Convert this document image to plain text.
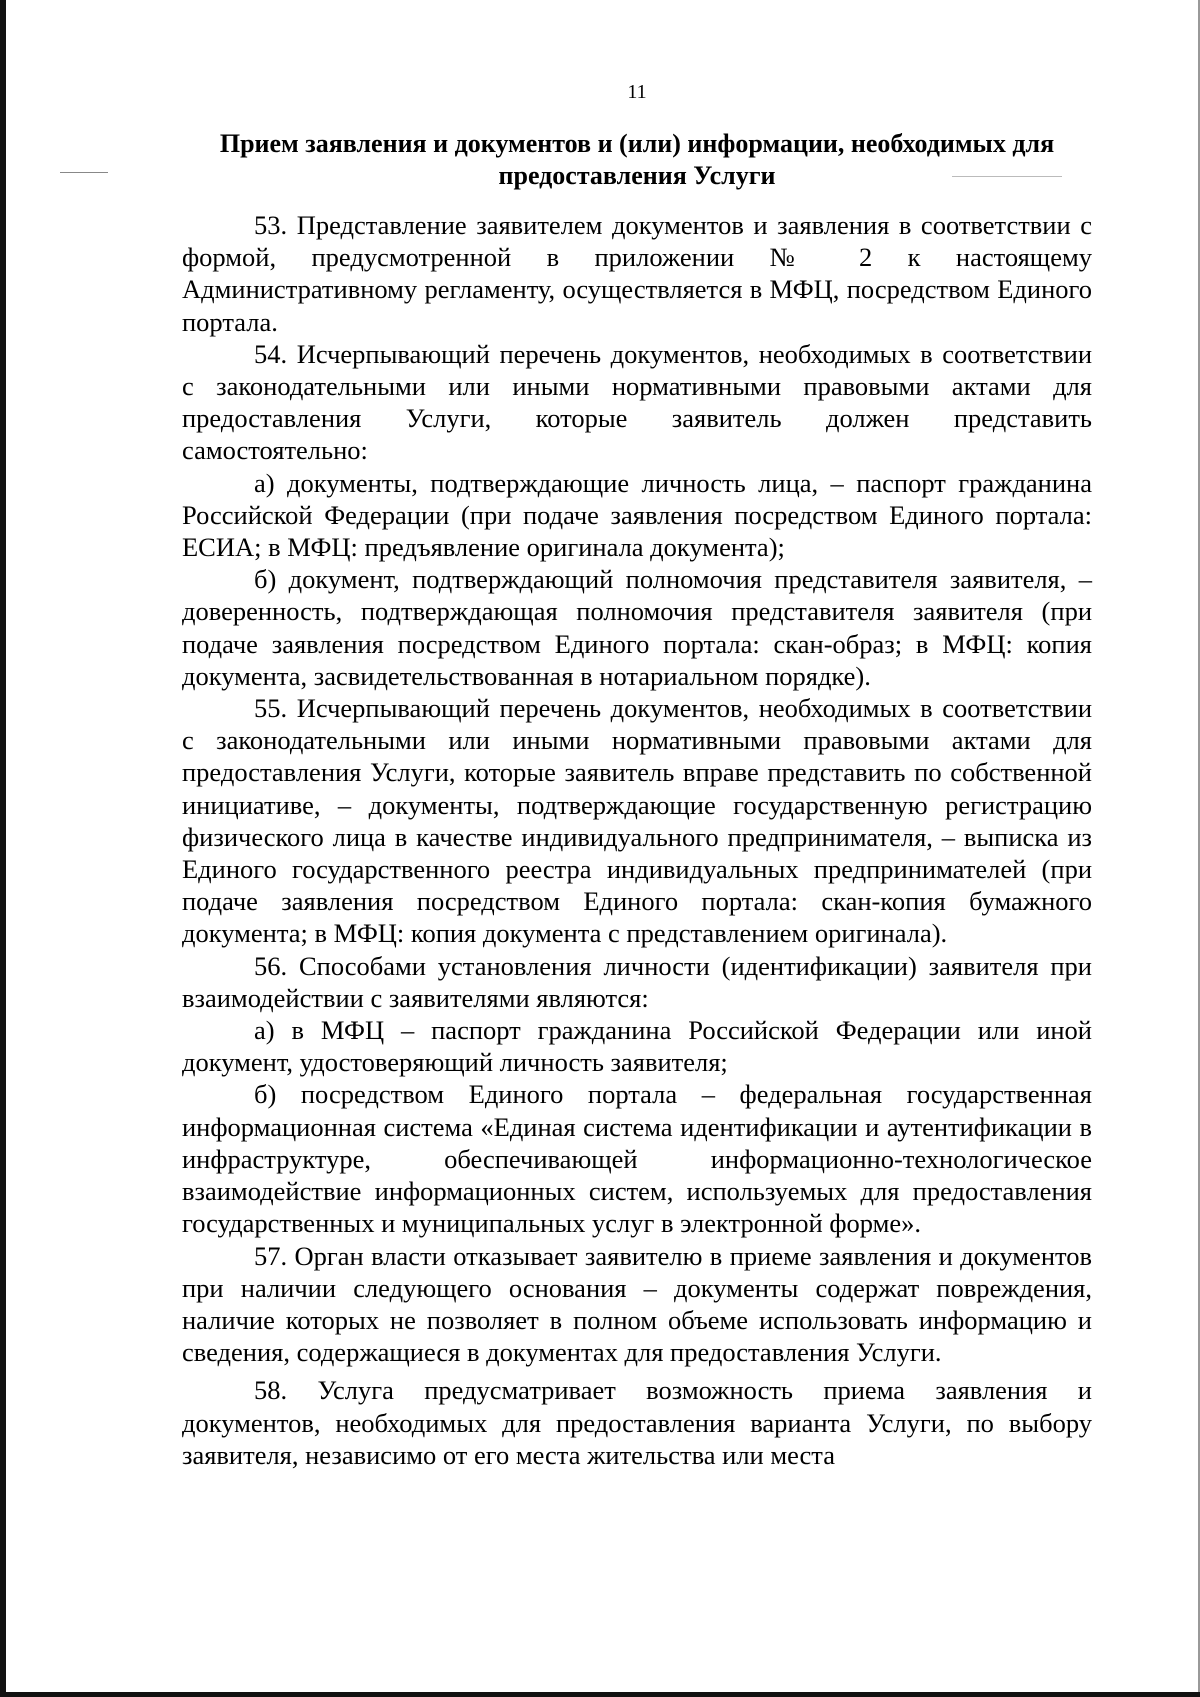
11
Прием заявления и документов и (или) информации, необходимых для предоставления Услуги

53. Представление заявителем документов и заявления в соответствии с формой, предусмотренной в приложении № 2 к настоящему Административному регламенту, осуществляется в МФЦ, посредством Единого портала.

54. Исчерпывающий перечень документов, необходимых в соответствии с законодательными или иными нормативными правовыми актами для предоставления Услуги, которые заявитель должен представить самостоятельно:

а) документы, подтверждающие личность лица, – паспорт гражданина Российской Федерации (при подаче заявления посредством Единого портала: ЕСИА; в МФЦ: предъявление оригинала документа);

б) документ, подтверждающий полномочия представителя заявителя, – доверенность, подтверждающая полномочия представителя заявителя (при подаче заявления посредством Единого портала: скан-образ; в МФЦ: копия документа, засвидетельствованная в нотариальном порядке).

55. Исчерпывающий перечень документов, необходимых в соответствии с законодательными или иными нормативными правовыми актами для предоставления Услуги, которые заявитель вправе представить по собственной инициативе, – документы, подтверждающие государственную регистрацию физического лица в качестве индивидуального предпринимателя, – выписка из Единого государственного реестра индивидуальных предпринимателей (при подаче заявления посредством Единого портала: скан-копия бумажного документа; в МФЦ: копия документа с представлением оригинала).

56. Способами установления личности (идентификации) заявителя при взаимодействии с заявителями являются:

а) в МФЦ – паспорт гражданина Российской Федерации или иной документ, удостоверяющий личность заявителя;

б) посредством Единого портала – федеральная государственная информационная система «Единая система идентификации и аутентификации в инфраструктуре, обеспечивающей информационно-технологическое взаимодействие информационных систем, используемых для предоставления государственных и муниципальных услуг в электронной форме».

57. Орган власти отказывает заявителю в приеме заявления и документов при наличии следующего основания – документы содержат повреждения, наличие которых не позволяет в полном объеме использовать информацию и сведения, содержащиеся в документах для предоставления Услуги.

58. Услуга предусматривает возможность приема заявления и документов, необходимых для предоставления варианта Услуги, по выбору заявителя, независимо от его места жительства или места
